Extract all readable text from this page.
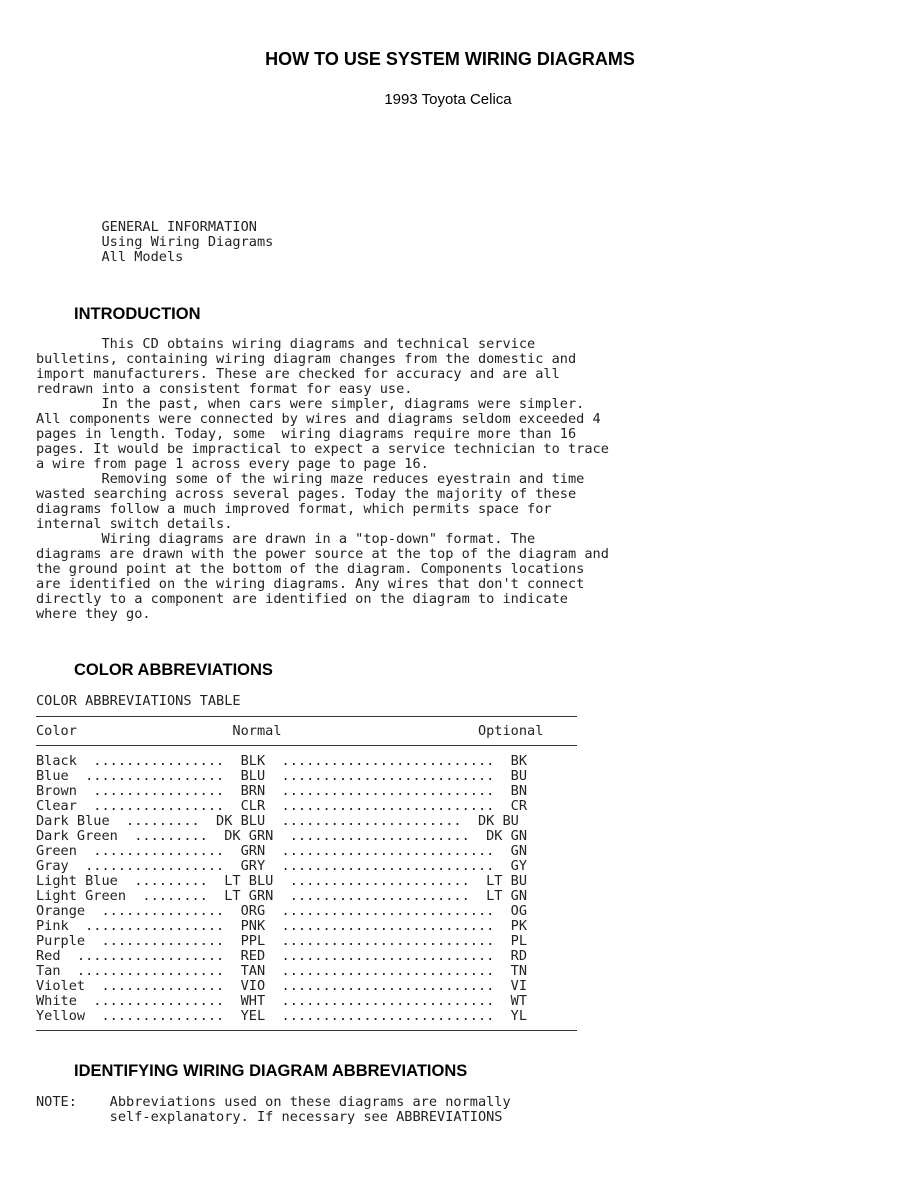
HOW TO USE SYSTEM WIRING DIAGRAMS
1993 Toyota Celica
GENERAL INFORMATION
Using Wiring Diagrams
All Models
INTRODUCTION
This CD obtains wiring diagrams and technical service
bulletins, containing wiring diagram changes from the domestic and
import manufacturers. These are checked for accuracy and are all
redrawn into a consistent format for easy use.
In the past, when cars were simpler, diagrams were simpler.
All components were connected by wires and diagrams seldom exceeded 4
pages in length. Today, some  wiring diagrams require more than 16
pages. It would be impractical to expect a service technician to trace
a wire from page 1 across every page to page 16.
Removing some of the wiring maze reduces eyestrain and time
wasted searching across several pages. Today the majority of these
diagrams follow a much improved format, which permits space for
internal switch details.
Wiring diagrams are drawn in a "top-down" format. The
diagrams are drawn with the power source at the top of the diagram and
the ground point at the bottom of the diagram. Components locations
are identified on the wiring diagrams. Any wires that don't connect
directly to a component are identified on the diagram to indicate
where they go.
COLOR ABBREVIATIONS
COLOR ABBREVIATIONS TABLE

Color                   Normal                        Optional

Black  ................  BLK  ..........................  BK
Blue  .................  BLU  ..........................  BU
Brown  ................  BRN  ..........................  BN
Clear  ................  CLR  ..........................  CR
Dark Blue  .........  DK BLU  ......................  DK BU
Dark Green  .........  DK GRN  ......................  DK GN
Green  ................  GRN  ..........................  GN
Gray  .................  GRY  ..........................  GY
Light Blue  .........  LT BLU  ......................  LT BU
Light Green  ........  LT GRN  ......................  LT GN
Orange  ...............  ORG  ..........................  OG
Pink  .................  PNK  ..........................  PK
Purple  ...............  PPL  ..........................  PL
Red  ..................  RED  ..........................  RD
Tan  ..................  TAN  ..........................  TN
Violet  ...............  VIO  ..........................  VI
White  ................  WHT  ..........................  WT
Yellow  ...............  YEL  ..........................  YL
IDENTIFYING WIRING DIAGRAM ABBREVIATIONS
NOTE:    Abbreviations used on these diagrams are normally
self-explanatory. If necessary see ABBREVIATIONS
